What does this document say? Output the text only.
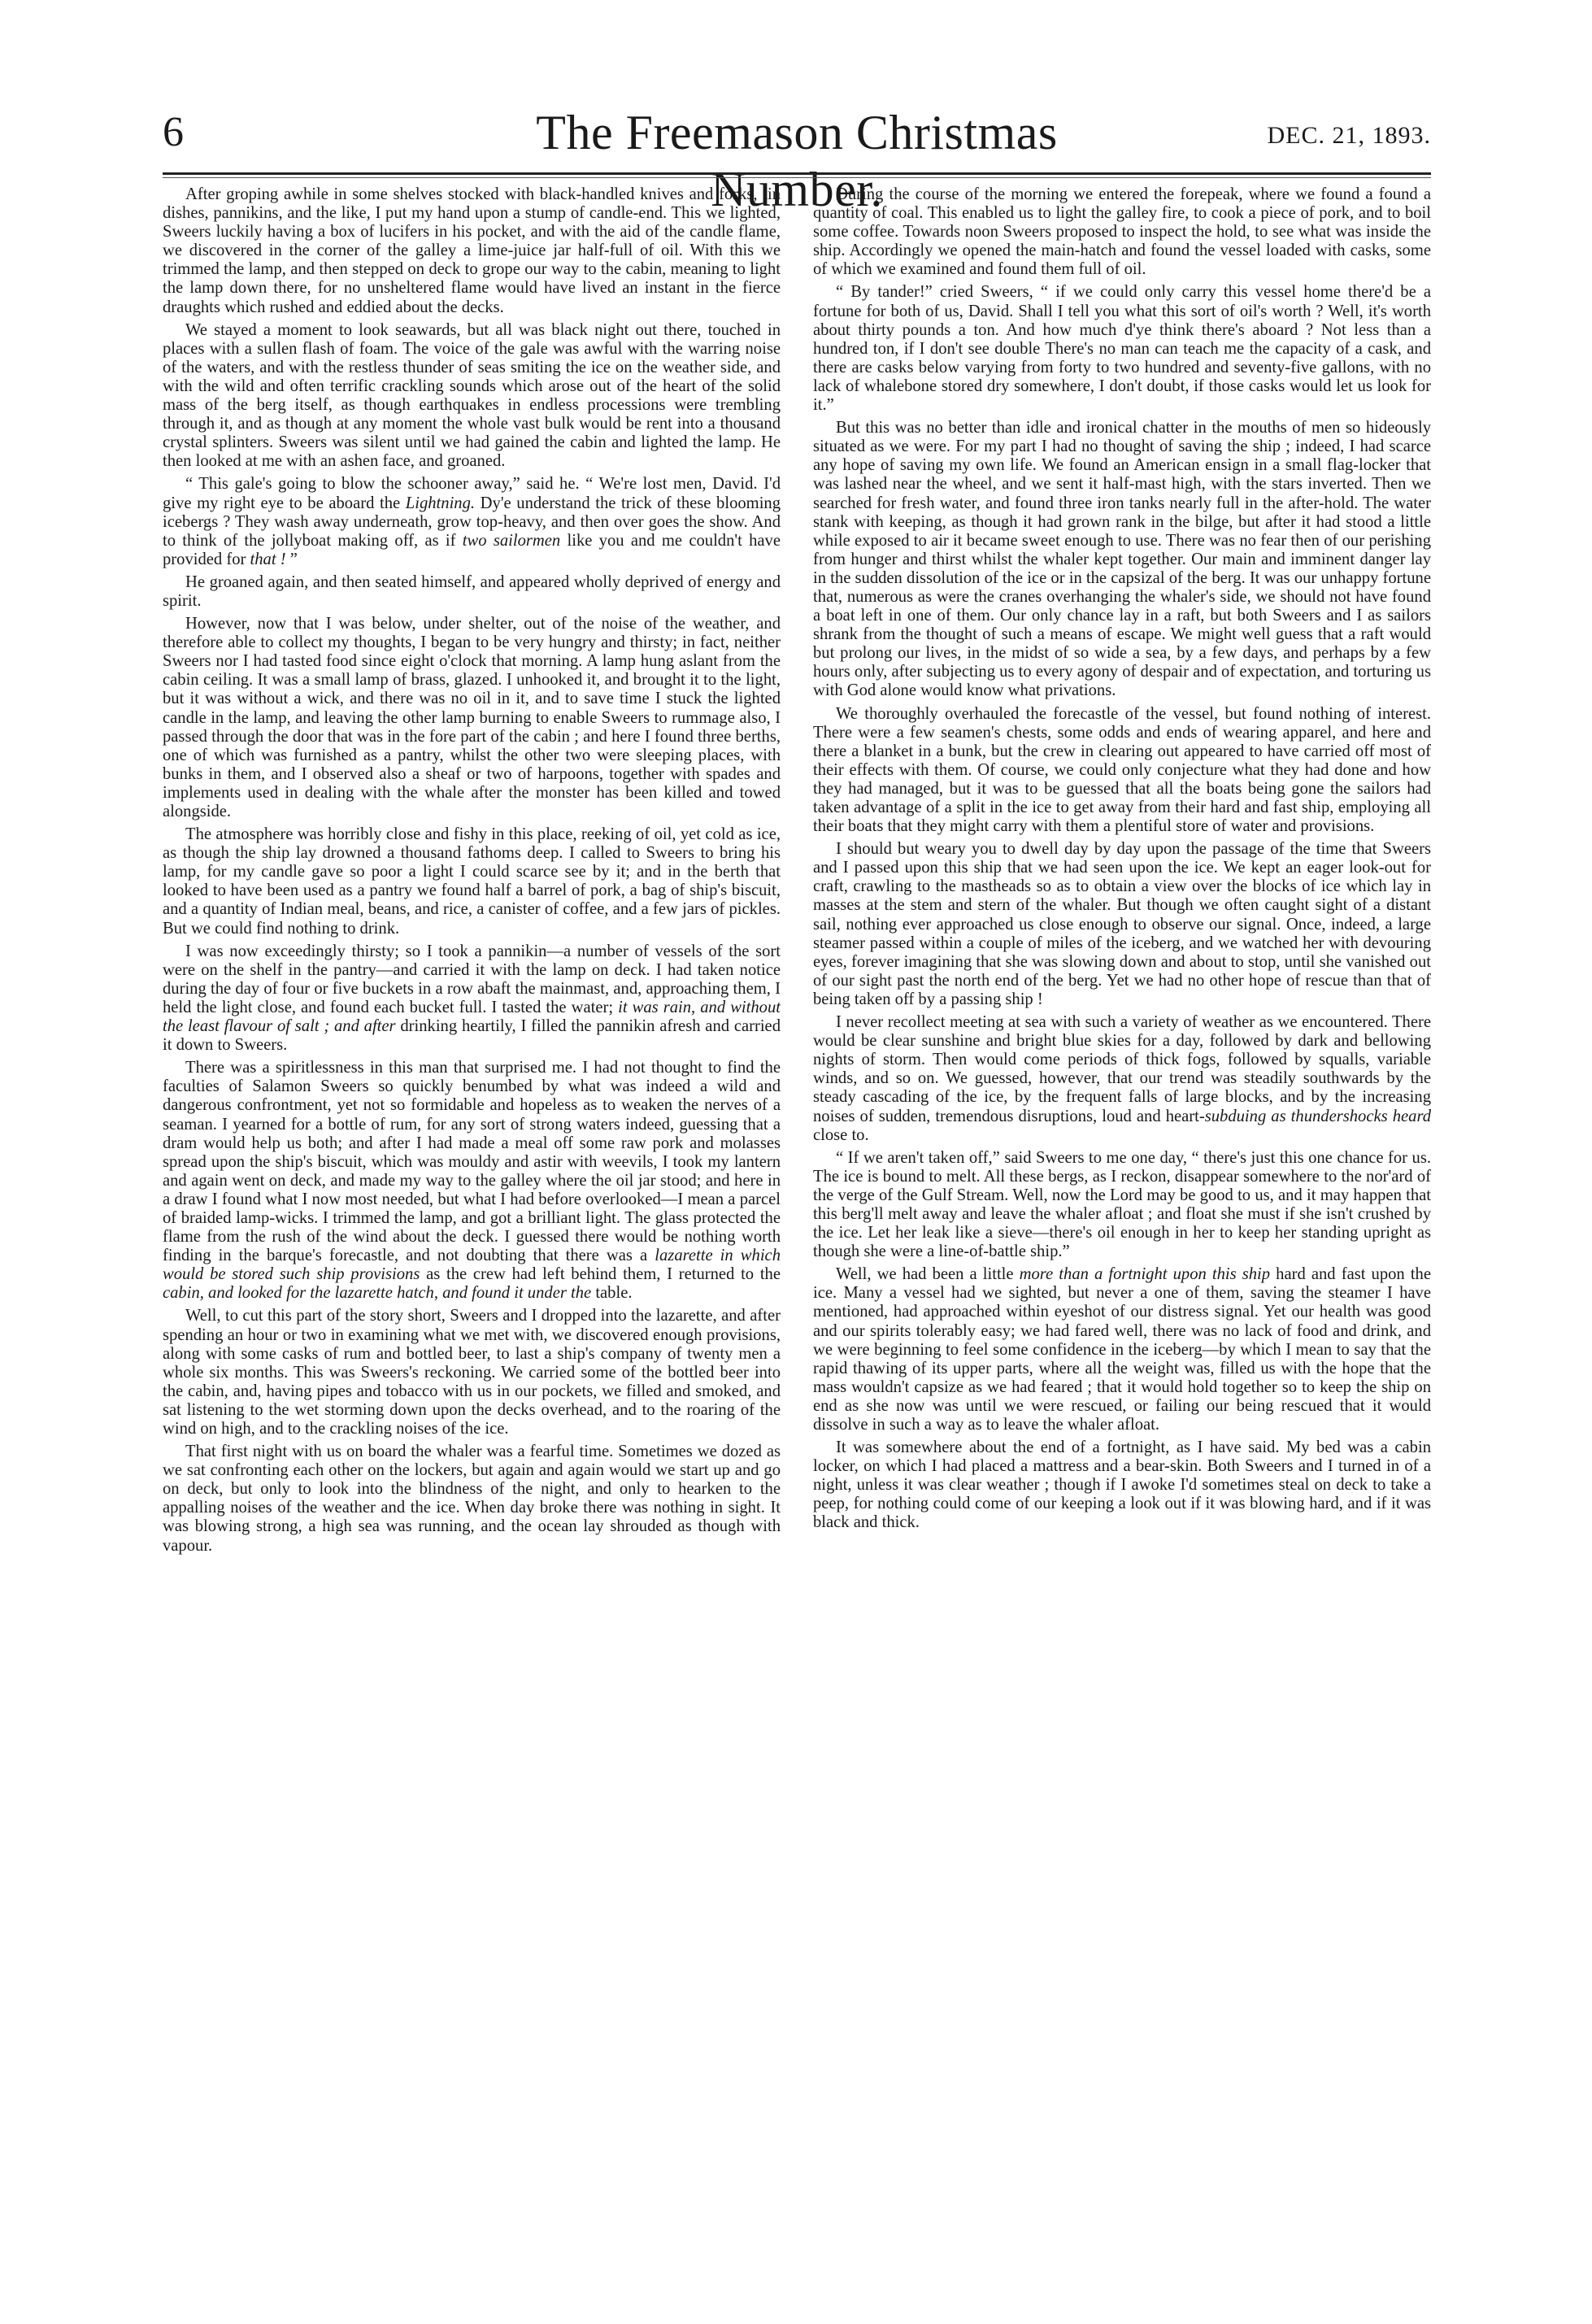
6	The Freemason Christmas Number.
DEC. 21, 1893.

After groping awhile in some shelves stocked with black-handled knives and forks, tin dishes, pannikins, and the like, I put my hand upon a stump of candle-end. This we lighted, Sweers luckily having a box of lucifers in his pocket, and with the aid of the candle flame, we discovered in the corner of the galley a lime-juice jar half-full of oil. With this we trimmed the lamp, and then stepped on deck to grope our way to the cabin, meaning to light the lamp down there, for no unsheltered flame would have lived an instant in the fierce draughts which rushed and eddied about the decks.

We stayed a moment to look seawards, but all was black night out there, touched in places with a sullen flash of foam. The voice of the gale was awful with the warring noise of the waters, and with the restless thunder of seas smiting the ice on the weather side, and with the wild and often terrific crackling sounds which arose out of the heart of the solid mass of the berg itself, as though earthquakes in endless processions were trembling through it, and as though at any moment the whole vast bulk would be rent into a thousand crystal splinters. Sweers was silent until we had gained the cabin and lighted the lamp. He then looked at me with an ashen face, and groaned.

“ This gale's going to blow the schooner away,” said he. “ We're lost men, David. I'd give my right eye to be aboard the Lightning. Dy'e understand the trick of these blooming icebergs ? They wash away underneath, grow top-heavy, and then over goes the show. And to think of the jollyboat making off, as if two sailormen like you and me couldn't have provided for that ! ”

He groaned again, and then seated himself, and appeared wholly deprived of energy and spirit.

However, now that I was below, under shelter, out of the noise of the weather, and therefore able to collect my thoughts, I began to be very hungry and thirsty; in fact, neither Sweers nor I had tasted food since eight o'clock that morning. A lamp hung aslant from the cabin ceiling. It was a small lamp of brass, glazed. I unhooked it, and brought it to the light, but it was without a wick, and there was no oil in it, and to save time I stuck the lighted candle in the lamp, and leaving the other lamp burning to enable Sweers to rummage also, I passed through the door that was in the fore part of the cabin ; and here I found three berths, one of which was furnished as a pantry, whilst the other two were sleeping places, with bunks in them, and I observed also a sheaf or two of harpoons, together with spades and implements used in dealing with the whale after the monster has been killed and towed alongside.

The atmosphere was horribly close and fishy in this place, reeking of oil, yet cold as ice, as though the ship lay drowned a thousand fathoms deep. I called to Sweers to bring his lamp, for my candle gave so poor a light I could scarce see by it; and in the berth that looked to have been used as a pantry we found half a barrel of pork, a bag of ship's biscuit, and a quantity of Indian meal, beans, and rice, a canister of coffee, and a few jars of pickles. But we could find nothing to drink.

I was now exceedingly thirsty; so I took a pannikin—a number of vessels of the sort were on the shelf in the pantry—and carried it with the lamp on deck. I had taken notice during the day of four or five buckets in a row abaft the mainmast, and, approaching them, I held the light close, and found each bucket full. I tasted the water; it was rain, and without the least flavour of salt ; and after drinking heartily, I filled the pannikin afresh and carried it down to Sweers.

There was a spiritlessness in this man that surprised me. I had not thought to find the faculties of Salamon Sweers so quickly benumbed by what was indeed a wild and dangerous confrontment, yet not so formidable and hopeless as to weaken the nerves of a seaman. I yearned for a bottle of rum, for any sort of strong waters indeed, guessing that a dram would help us both; and after I had made a meal off some raw pork and molasses spread upon the ship's biscuit, which was mouldy and astir with weevils, I took my lantern and again went on deck, and made my way to the galley where the oil jar stood; and here in a draw I found what I now most needed, but what I had before overlooked—I mean a parcel of braided lamp-wicks. I trimmed the lamp, and got a brilliant light. The glass protected the flame from the rush of the wind about the deck. I guessed there would be nothing worth finding in the barque's forecastle, and not doubting that there was a lazarette in which would be stored such ship provisions as the crew had left behind them, I returned to the cabin, and looked for the lazarette hatch, and found it under the table.

Well, to cut this part of the story short, Sweers and I dropped into the lazarette, and after spending an hour or two in examining what we met with, we discovered enough provisions, along with some casks of rum and bottled beer, to last a ship's company of twenty men a whole six months. This was Sweers's reckoning. We carried some of the bottled beer into the cabin, and, having pipes and tobacco with us in our pockets, we filled and smoked, and sat listening to the wet storming down upon the decks overhead, and to the roaring of the wind on high, and to the crackling noises of the ice.

That first night with us on board the whaler was a fearful time. Sometimes we dozed as we sat confronting each other on the lockers, but again and again would we start up and go on deck, but only to look into the blindness of the night, and only to hearken to the appalling noises of the weather and the ice. When day broke there was nothing in sight. It was blowing strong, a high sea was running, and the ocean lay shrouded as though with vapour.

During the course of the morning we entered the forepeak, where we found a found a quantity of coal. This enabled us to light the galley fire, to cook a piece of pork, and to boil some coffee. Towards noon Sweers proposed to inspect the hold, to see what was inside the ship. Accordingly we opened the main-hatch and found the vessel loaded with casks, some of which we examined and found them full of oil.

“ By tander!” cried Sweers, “ if we could only carry this vessel home there'd be a fortune for both of us, David. Shall I tell you what this sort of oil's worth ? Well, it's worth about thirty pounds a ton. And how much d'ye think there's aboard ? Not less than a hundred ton, if I don't see double There's no man can teach me the capacity of a cask, and there are casks below varying from forty to two hundred and seventy-five gallons, with no lack of whalebone stored dry somewhere, I don't doubt, if those casks would let us look for it.”

But this was no better than idle and ironical chatter in the mouths of men so hideously situated as we were. For my part I had no thought of saving the ship ; indeed, I had scarce any hope of saving my own life. We found an American ensign in a small flag-locker that was lashed near the wheel, and we sent it half-mast high, with the stars inverted. Then we searched for fresh water, and found three iron tanks nearly full in the after-hold. The water stank with keeping, as though it had grown rank in the bilge, but after it had stood a little while exposed to air it became sweet enough to use. There was no fear then of our perishing from hunger and thirst whilst the whaler kept together. Our main and imminent danger lay in the sudden dissolution of the ice or in the capsizal of the berg. It was our unhappy fortune that, numerous as were the cranes overhanging the whaler's side, we should not have found a boat left in one of them. Our only chance lay in a raft, but both Sweers and I as sailors shrank from the thought of such a means of escape. We might well guess that a raft would but prolong our lives, in the midst of so wide a sea, by a few days, and perhaps by a few hours only, after subjecting us to every agony of despair and of expectation, and torturing us with God alone would know what privations.

We thoroughly overhauled the forecastle of the vessel, but found nothing of interest. There were a few seamen's chests, some odds and ends of wearing apparel, and here and there a blanket in a bunk, but the crew in clearing out appeared to have carried off most of their effects with them. Of course, we could only conjecture what they had done and how they had managed, but it was to be guessed that all the boats being gone the sailors had taken advantage of a split in the ice to get away from their hard and fast ship, employing all their boats that they might carry with them a plentiful store of water and provisions.

I should but weary you to dwell day by day upon the passage of the time that Sweers and I passed upon this ship that we had seen upon the ice. We kept an eager look-out for craft, crawling to the mastheads so as to obtain a view over the blocks of ice which lay in masses at the stem and stern of the whaler. But though we often caught sight of a distant sail, nothing ever approached us close enough to observe our signal. Once, indeed, a large steamer passed within a couple of miles of the iceberg, and we watched her with devouring eyes, forever imagining that she was slowing down and about to stop, until she vanished out of our sight past the north end of the berg. Yet we had no other hope of rescue than that of being taken off by a passing ship !

I never recollect meeting at sea with such a variety of weather as we encountered. There would be clear sunshine and bright blue skies for a day, followed by dark and bellowing nights of storm. Then would come periods of thick fogs, followed by squalls, variable winds, and so on. We guessed, however, that our trend was steadily southwards by the steady cascading of the ice, by the frequent falls of large blocks, and by the increasing noises of sudden, tremendous disruptions, loud and heart-subduing as thundershocks heard close to.

“ If we aren't taken off,” said Sweers to me one day, “ there's just this one chance for us. The ice is bound to melt. All these bergs, as I reckon, disappear somewhere to the nor'ard of the verge of the Gulf Stream. Well, now the Lord may be good to us, and it may happen that this berg'll melt away and leave the whaler afloat ; and float she must if she isn't crushed by the ice. Let her leak like a sieve—there's oil enough in her to keep her standing upright as though she were a line-of-battle ship.”

Well, we had been a little more than a fortnight upon this ship hard and fast upon the ice. Many a vessel had we sighted, but never a one of them, saving the steamer I have mentioned, had approached within eyeshot of our distress signal. Yet our health was good and our spirits tolerably easy; we had fared well, there was no lack of food and drink, and we were beginning to feel some confidence in the iceberg—by which I mean to say that the rapid thawing of its upper parts, where all the weight was, filled us with the hope that the mass wouldn't capsize as we had feared ; that it would hold together so to keep the ship on end as she now was until we were rescued, or failing our being rescued that it would dissolve in such a way as to leave the whaler afloat.

It was somewhere about the end of a fortnight, as I have said. My bed was a cabin locker, on which I had placed a mattress and a bear-skin. Both Sweers and I turned in of a night, unless it was clear weather ; though if I awoke I'd sometimes steal on deck to take a peep, for nothing could come of our keeping a look out if it was blowing hard, and if it was black and thick.
